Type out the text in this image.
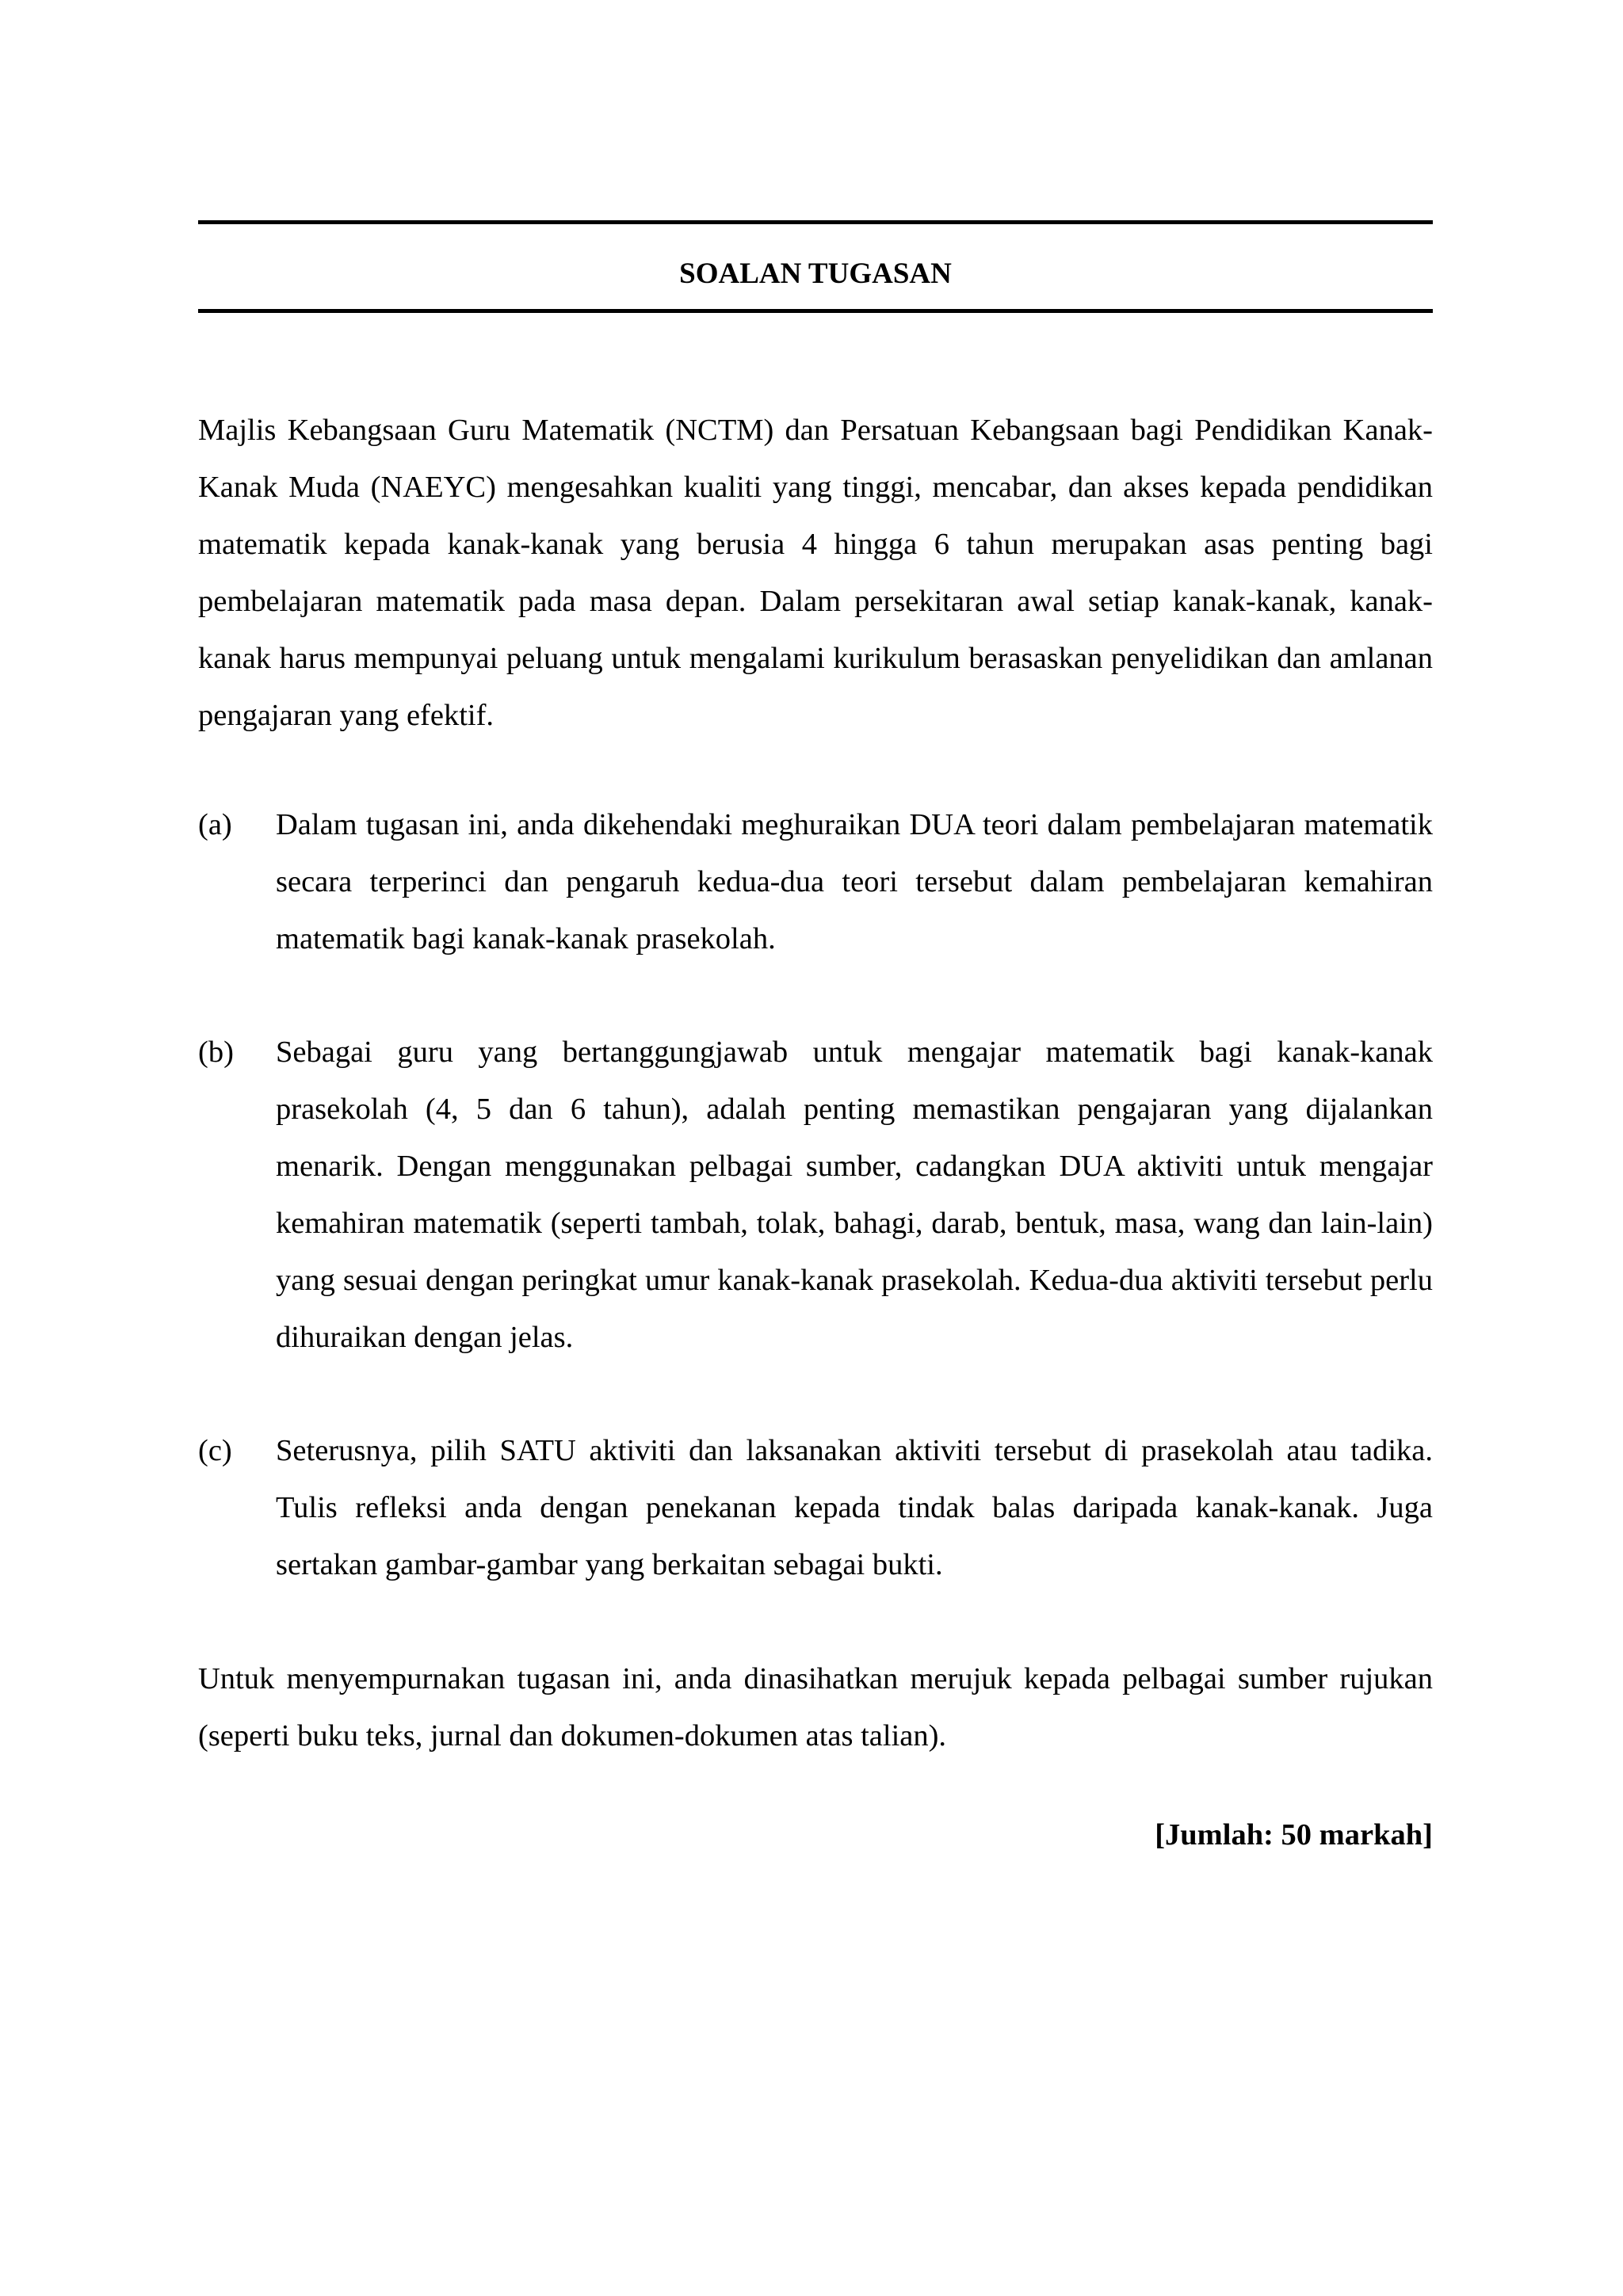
SOALAN TUGASAN

Majlis Kebangsaan Guru Matematik (NCTM) dan Persatuan Kebangsaan bagi Pendidikan Kanak-Kanak Muda (NAEYC) mengesahkan kualiti yang tinggi, mencabar, dan akses kepada pendidikan matematik kepada kanak-kanak yang berusia 4 hingga 6 tahun merupakan asas penting bagi pembelajaran matematik pada masa depan. Dalam persekitaran awal setiap kanak-kanak, kanak-kanak harus mempunyai peluang untuk mengalami kurikulum berasaskan penyelidikan dan amlanan pengajaran yang efektif.

(a)	Dalam tugasan ini, anda dikehendaki meghuraikan DUA teori dalam pembelajaran matematik secara terperinci dan pengaruh kedua-dua teori tersebut dalam pembelajaran kemahiran matematik bagi kanak-kanak prasekolah.

(b)	Sebagai guru yang bertanggungjawab untuk mengajar matematik bagi kanak-kanak prasekolah (4, 5 dan 6 tahun), adalah penting memastikan pengajaran yang dijalankan menarik. Dengan menggunakan pelbagai sumber, cadangkan DUA aktiviti untuk mengajar kemahiran matematik (seperti tambah, tolak, bahagi, darab, bentuk, masa, wang dan lain-lain) yang sesuai dengan peringkat umur kanak-kanak prasekolah. Kedua-dua aktiviti tersebut perlu dihuraikan dengan jelas.

(c)	Seterusnya, pilih SATU aktiviti dan laksanakan aktiviti tersebut di prasekolah atau tadika. Tulis refleksi anda dengan penekanan kepada tindak balas daripada kanak-kanak. Juga sertakan gambar-gambar yang berkaitan sebagai bukti.

Untuk menyempurnakan tugasan ini, anda dinasihatkan merujuk kepada pelbagai sumber rujukan (seperti buku teks, jurnal dan dokumen-dokumen atas talian).

[Jumlah: 50 markah]
